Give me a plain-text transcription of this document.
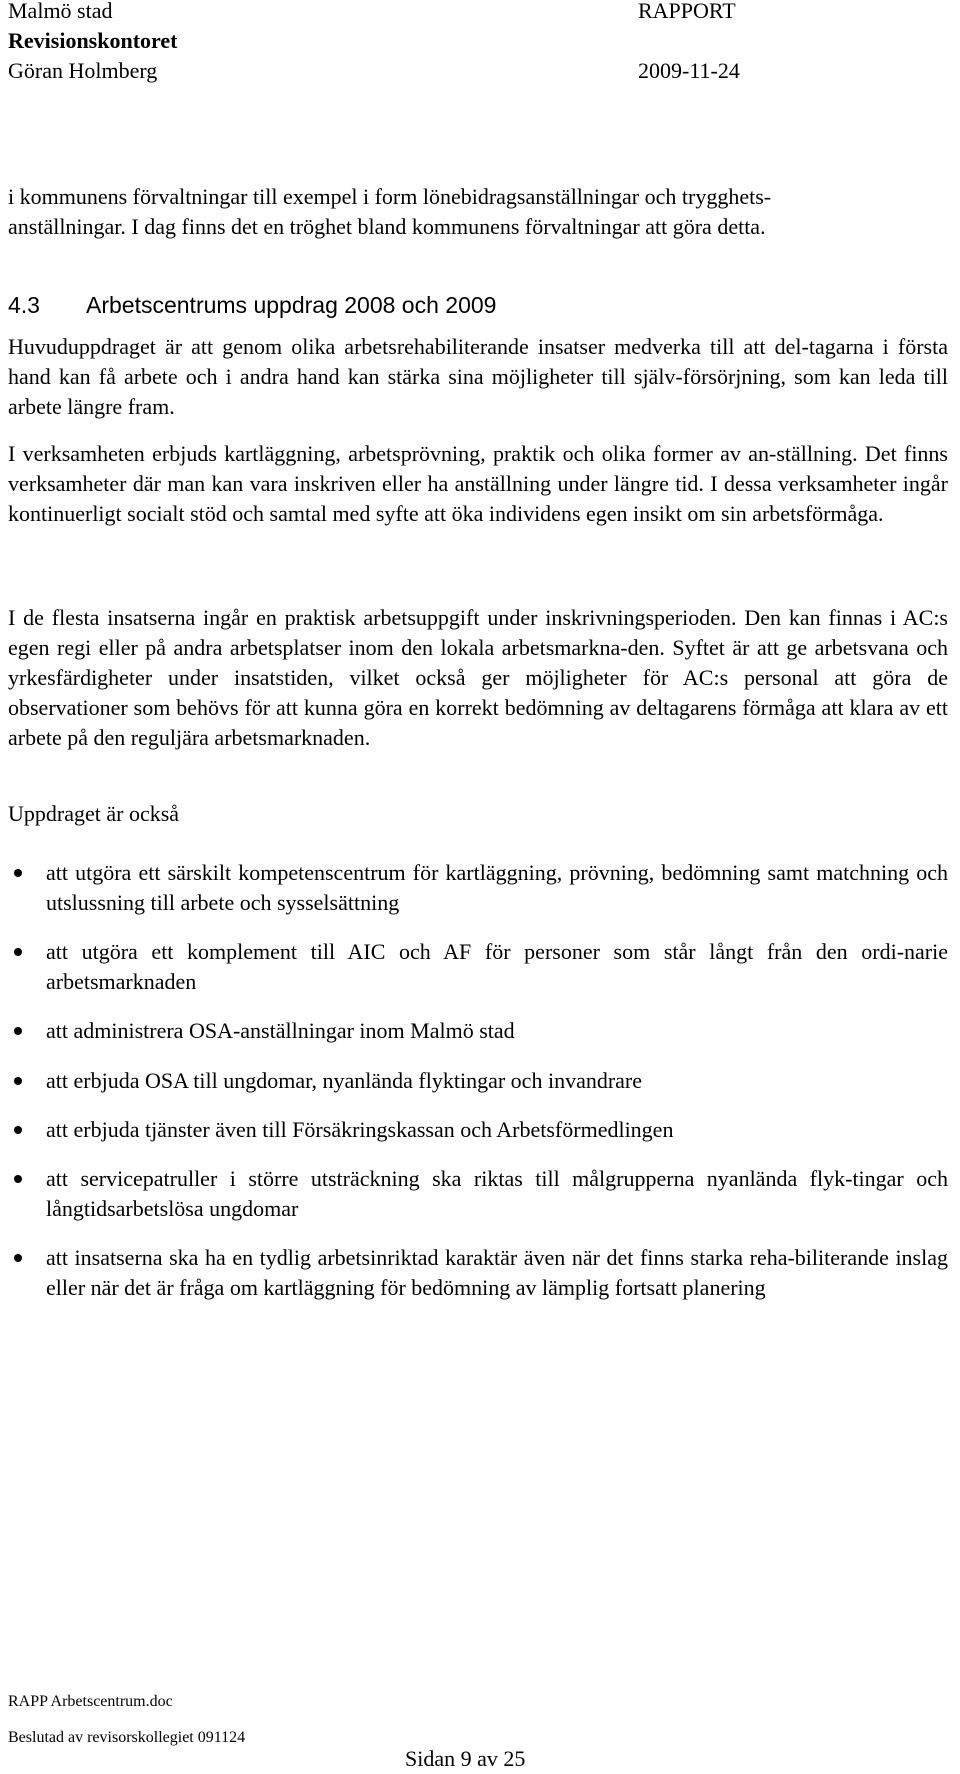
Malmö stad	RAPPORT
Revisionskontoret
Göran Holmberg	2009-11-24
i kommunens förvaltningar till exempel i form lönebidragsanställningar och trygghets-
anställningar. I dag finns det en tröghet bland kommunens förvaltningar att göra detta.
4.3 Arbetscentrums uppdrag 2008 och 2009

Huvuduppdraget är att genom olika arbetsrehabiliterande insatser medverka till att del-tagarna i första hand kan få arbete och i andra hand kan stärka sina möjligheter till själv-försörjning, som kan leda till arbete längre fram.

I verksamheten erbjuds kartläggning, arbetsprövning, praktik och olika former av an-ställning. Det finns verksamheter där man kan vara inskriven eller ha anställning under längre tid. I dessa verksamheter ingår kontinuerligt socialt stöd och samtal med syfte att öka individens egen insikt om sin arbetsförmåga.

I de flesta insatserna ingår en praktisk arbetsuppgift under inskrivningsperioden. Den kan finnas i AC:s egen regi eller på andra arbetsplatser inom den lokala arbetsmarkna-den. Syftet är att ge arbetsvana och yrkesfärdigheter under insatstiden, vilket också ger möjligheter för AC:s personal att göra de observationer som behövs för att kunna göra en korrekt bedömning av deltagarens förmåga att klara av ett arbete på den reguljära arbetsmarknaden.

Uppdraget är också

att utgöra ett särskilt kompetenscentrum för kartläggning, prövning, bedömning samt matchning och utslussning till arbete och sysselsättning
att utgöra ett komplement till AIC och AF för personer som står långt från den ordi-narie arbetsmarknaden
att administrera OSA-anställningar inom Malmö stad
att erbjuda OSA till ungdomar, nyanlända flyktingar och invandrare
att erbjuda tjänster även till Försäkringskassan och Arbetsförmedlingen
att servicepatruller i större utsträckning ska riktas till målgrupperna nyanlända flyk-tingar och långtidsarbetslösa ungdomar
att insatserna ska ha en tydlig arbetsinriktad karaktär även när det finns starka reha-biliterande inslag eller när det är fråga om kartläggning för bedömning av lämplig fortsatt planering
RAPP Arbetscentrum.doc
Beslutad av revisorskollegiet 091124
Sidan 9 av 25
